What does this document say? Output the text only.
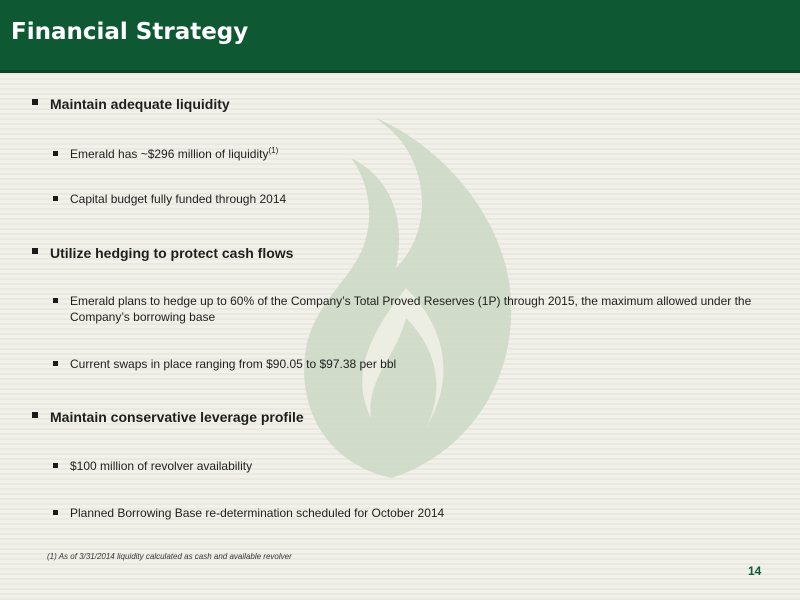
Financial Strategy
Maintain adequate liquidity
Emerald has ~$296 million of liquidity$^{(1)}$
Capital budget fully funded through 2014
Utilize hedging to protect cash flows
Emerald plans to hedge up to 60% of the Company’s Total Proved Reserves (1P) through 2015, the maximum allowed under the Company’s borrowing base
Current swaps in place ranging from $90.05 to $97.38 per bbl
Maintain conservative leverage profile
$100 million of revolver availability
Planned Borrowing Base re-determination scheduled for October 2014
(1) As of 3/31/2014 liquidity calculated as cash and available revolver
14
